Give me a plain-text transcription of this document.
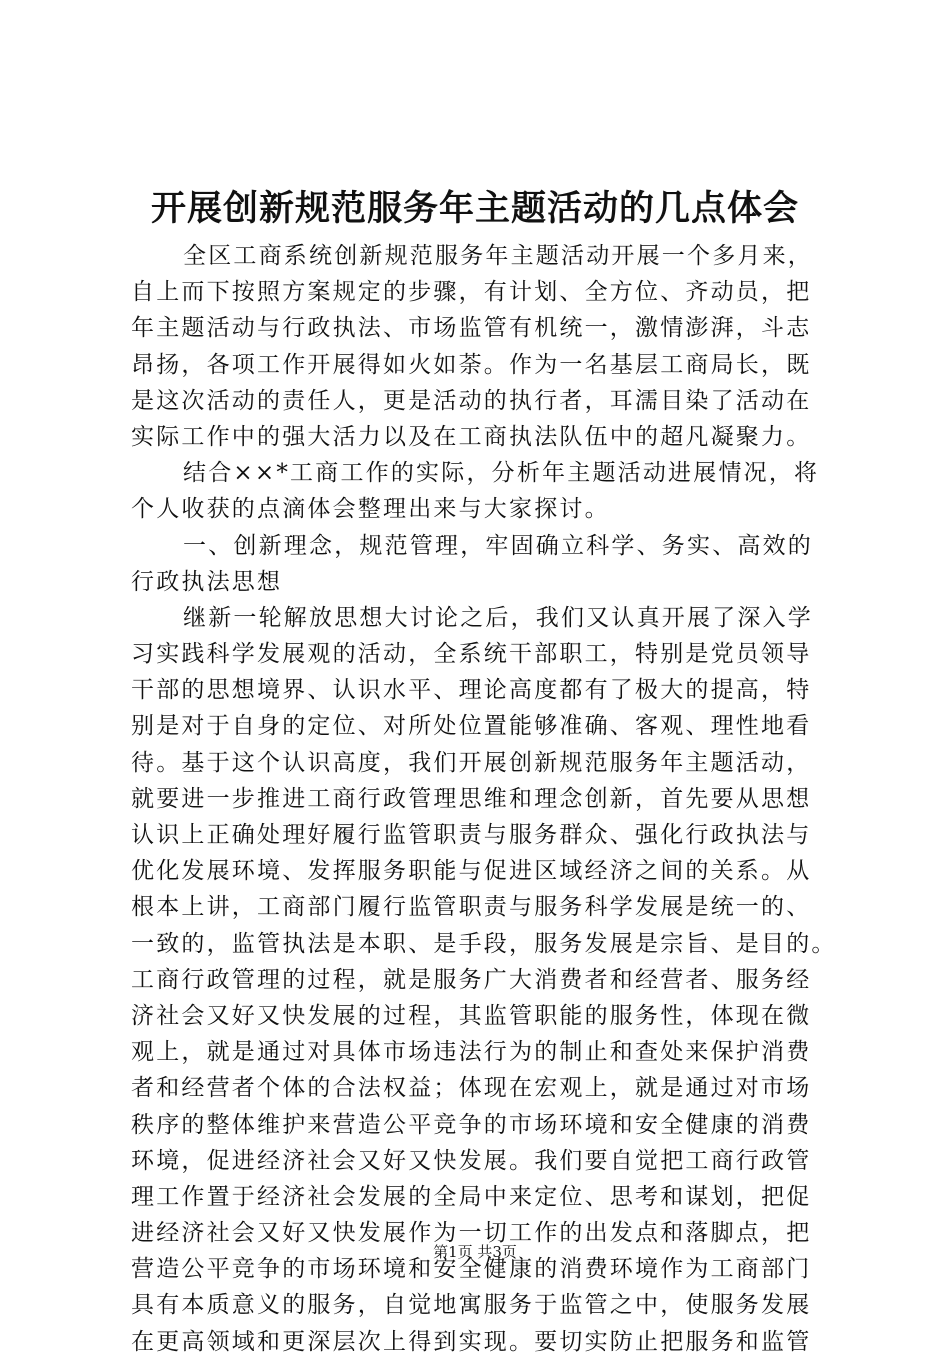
开展创新规范服务年主题活动的几点体会
全区工商系统创新规范服务年主题活动开展一个多月来，
自上而下按照方案规定的步骤，有计划、全方位、齐动员，把
年主题活动与行政执法、市场监管有机统一，激情澎湃，斗志
昂扬，各项工作开展得如火如荼。作为一名基层工商局长，既
是这次活动的责任人，更是活动的执行者，耳濡目染了活动在
实际工作中的强大活力以及在工商执法队伍中的超凡凝聚力。
结合××*工商工作的实际，分析年主题活动进展情况，将
个人收获的点滴体会整理出来与大家探讨。
一、创新理念，规范管理，牢固确立科学、务实、高效的
行政执法思想
继新一轮解放思想大讨论之后，我们又认真开展了深入学
习实践科学发展观的活动，全系统干部职工，特别是党员领导
干部的思想境界、认识水平、理论高度都有了极大的提高，特
别是对于自身的定位、对所处位置能够准确、客观、理性地看
待。基于这个认识高度，我们开展创新规范服务年主题活动，
就要进一步推进工商行政管理思维和理念创新，首先要从思想
认识上正确处理好履行监管职责与服务群众、强化行政执法与
优化发展环境、发挥服务职能与促进区域经济之间的关系。从
根本上讲，工商部门履行监管职责与服务科学发展是统一的、
一致的，监管执法是本职、是手段，服务发展是宗旨、是目的。
工商行政管理的过程，就是服务广大消费者和经营者、服务经
济社会又好又快发展的过程，其监管职能的服务性，体现在微
观上，就是通过对具体市场违法行为的制止和查处来保护消费
者和经营者个体的合法权益；体现在宏观上，就是通过对市场
秩序的整体维护来营造公平竞争的市场环境和安全健康的消费
环境，促进经济社会又好又快发展。我们要自觉把工商行政管
理工作置于经济社会发展的全局中来定位、思考和谋划，把促
进经济社会又好又快发展作为一切工作的出发点和落脚点，把
营造公平竞争的市场环境和安全健康的消费环境作为工商部门
具有本质意义的服务，自觉地寓服务于监管之中，使服务发展
在更高领域和更深层次上得到实现。要切实防止把服务和监管
第1页 共3页
